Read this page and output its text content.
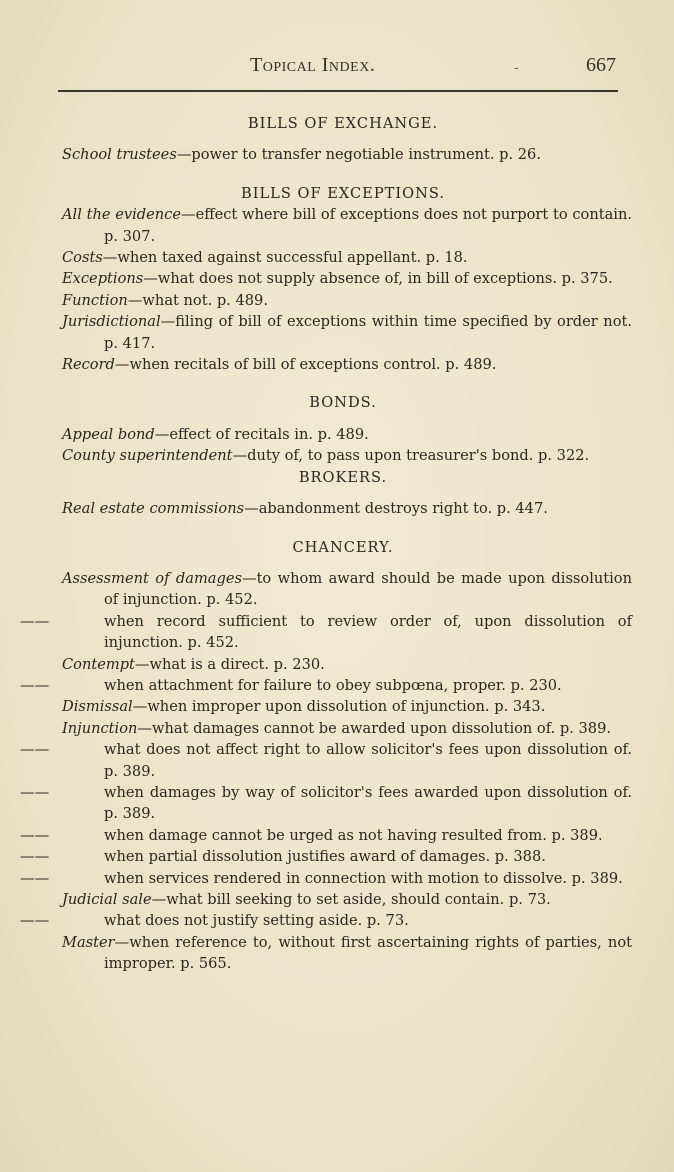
Topical Index.	-	667
BILLS OF EXCHANGE.
School trustees—power to transfer negotiable instrument. p. 26.
BILLS OF EXCEPTIONS.
All the evidence—effect where bill of exceptions does not purport to contain. p. 307.
Costs—when taxed against successful appellant. p. 18.
Exceptions—what does not supply absence of, in bill of exceptions. p. 375.
Function—what not. p. 489.
Jurisdictional—filing of bill of exceptions within time specified by order not. p. 417.
Record—when recitals of bill of exceptions control. p. 489.
BONDS.
Appeal bond—effect of recitals in. p. 489.
County superintendent—duty of, to pass upon treasurer's bond. p. 322.
BROKERS.
Real estate commissions—abandonment destroys right to. p. 447.
CHANCERY.
Assessment of damages—to whom award should be made upon dissolution of injunction. p. 452.
——	when record sufficient to review order of, upon dissolution of injunction. p. 452.
Contempt—what is a direct. p. 230.
——	when attachment for failure to obey subpœna, proper. p. 230.
Dismissal—when improper upon dissolution of injunction. p. 343.
Injunction—what damages cannot be awarded upon dissolution of. p. 389.
——	what does not affect right to allow solicitor's fees upon dissolution of. p. 389.
——	when damages by way of solicitor's fees awarded upon dissolution of. p. 389.
——	when damage cannot be urged as not having resulted from. p. 389.
——	when partial dissolution justifies award of damages. p. 388.
——	when services rendered in connection with motion to dissolve. p. 389.
Judicial sale—what bill seeking to set aside, should contain. p. 73.
——	what does not justify setting aside. p. 73.
Master—when reference to, without first ascertaining rights of parties, not improper. p. 565.
